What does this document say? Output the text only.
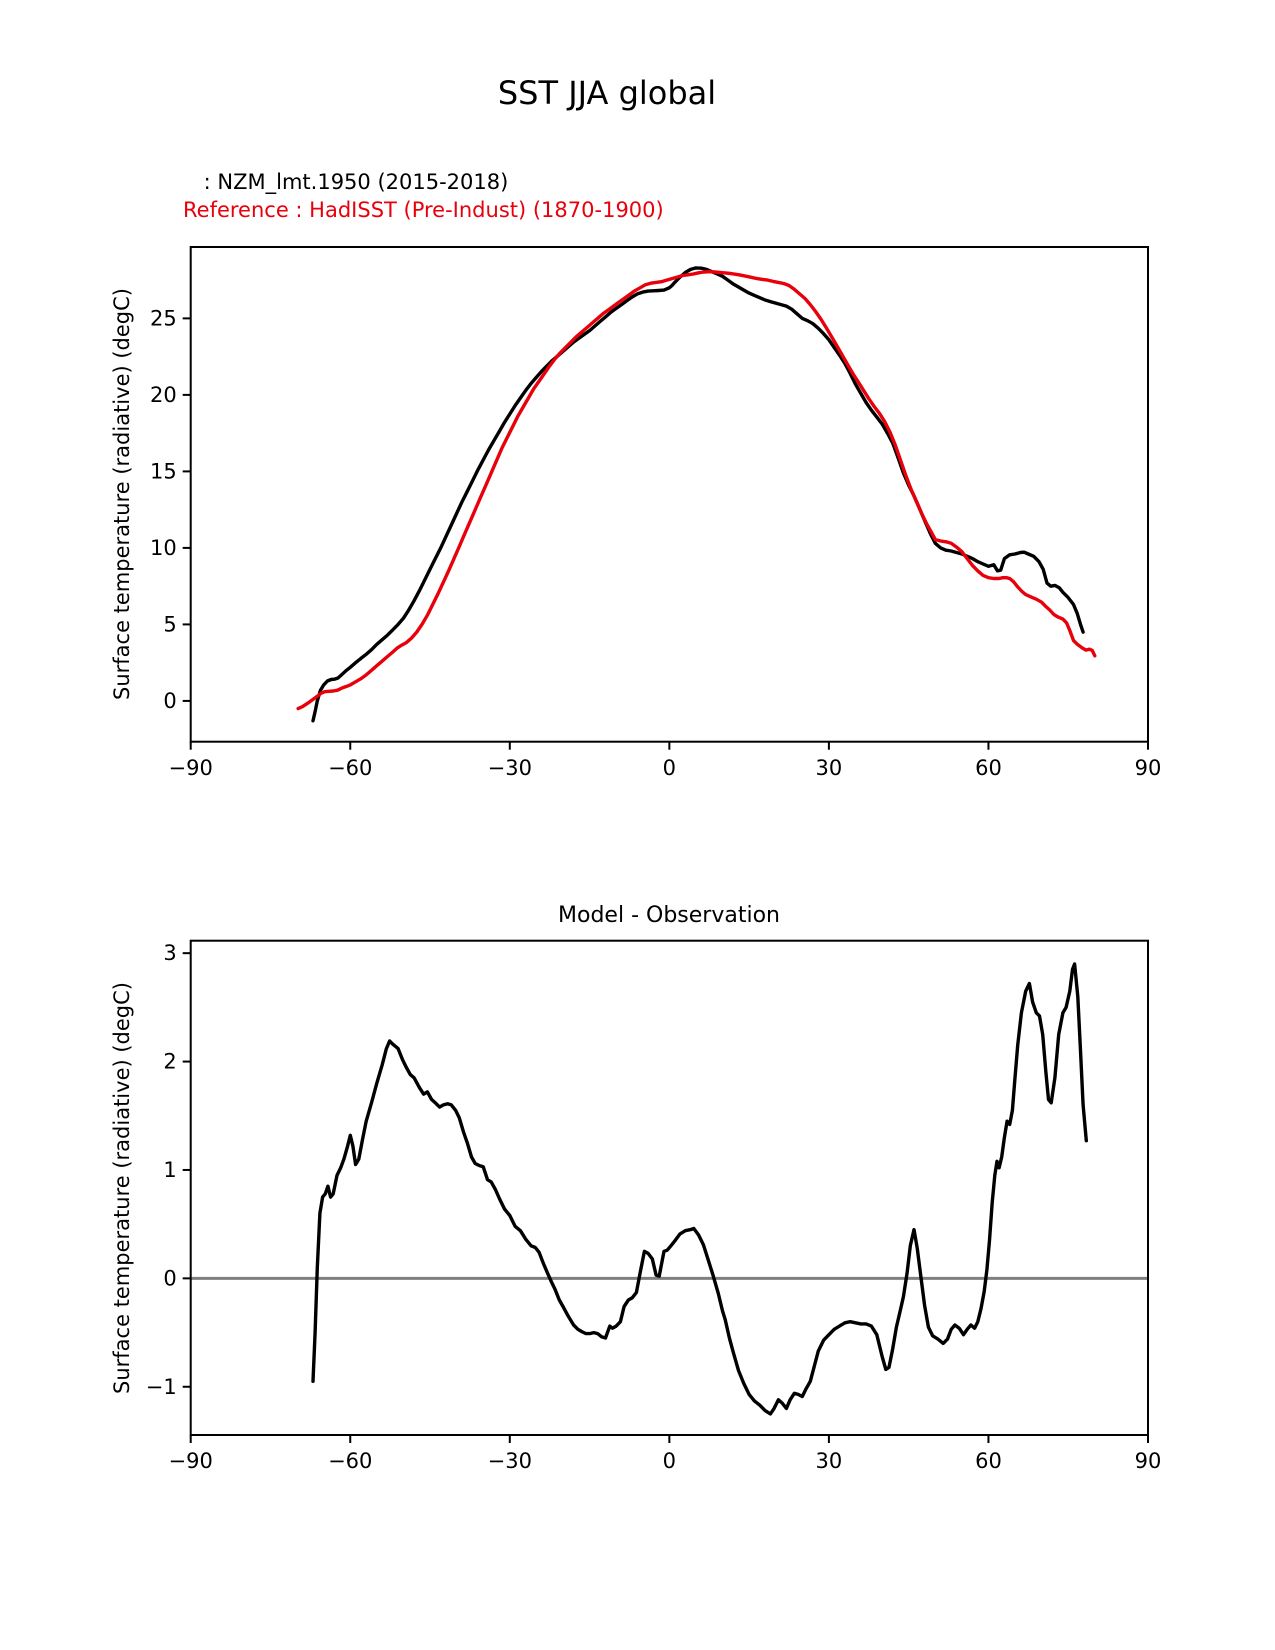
SST JJA global
: NZM_lmt.1950 (2015-2018)
Reference : HadISST (Pre-Indust) (1870-1900)
Surface temperature (radiative) (degC)
Model - Observation
Surface temperature (radiative) (degC)
−90	−60	−30	0	30	60	90
0
5
10
15
20
25
−90	−60	−30	0	30	60	90
−1
0
1
2
3
